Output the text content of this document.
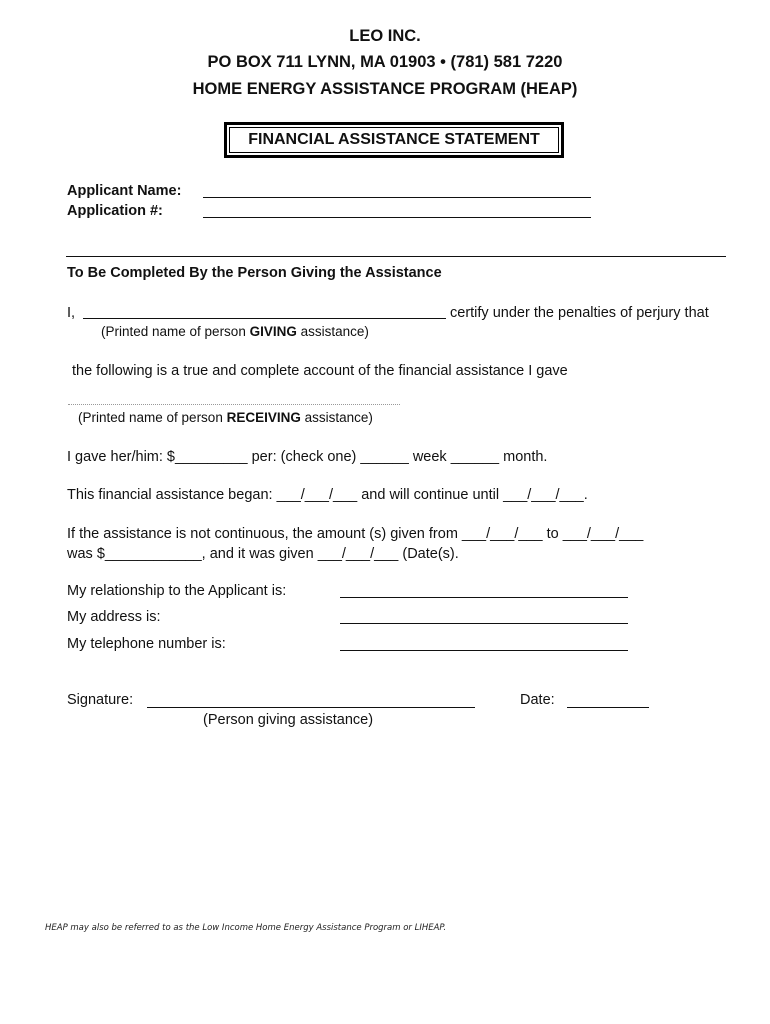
LEO INC.
PO BOX 711 LYNN, MA 01903 • (781) 581 7220
HOME ENERGY ASSISTANCE PROGRAM (HEAP)
FINANCIAL ASSISTANCE STATEMENT
Applicant Name:
Application #:
To Be Completed By the Person Giving the Assistance
I,	certify under the penalties of perjury that
(Printed name of person GIVING assistance)
the following is a true and complete account of the financial assistance I gave
(Printed name of person RECEIVING assistance)
I gave her/him: $_________ per: (check one) ______ week ______ month.
This financial assistance began: ___/___/___ and will continue until ___/___/___.
If the assistance is not continuous, the amount (s) given from ___/___/___ to ___/___/___
was $____________, and it was given ___/___/___ (Date(s).
My relationship to the Applicant is:
My address is:
My telephone number is:
Signature:	Date:
(Person giving assistance)
HEAP may also be referred to as the Low Income Home Energy Assistance Program or LIHEAP.
